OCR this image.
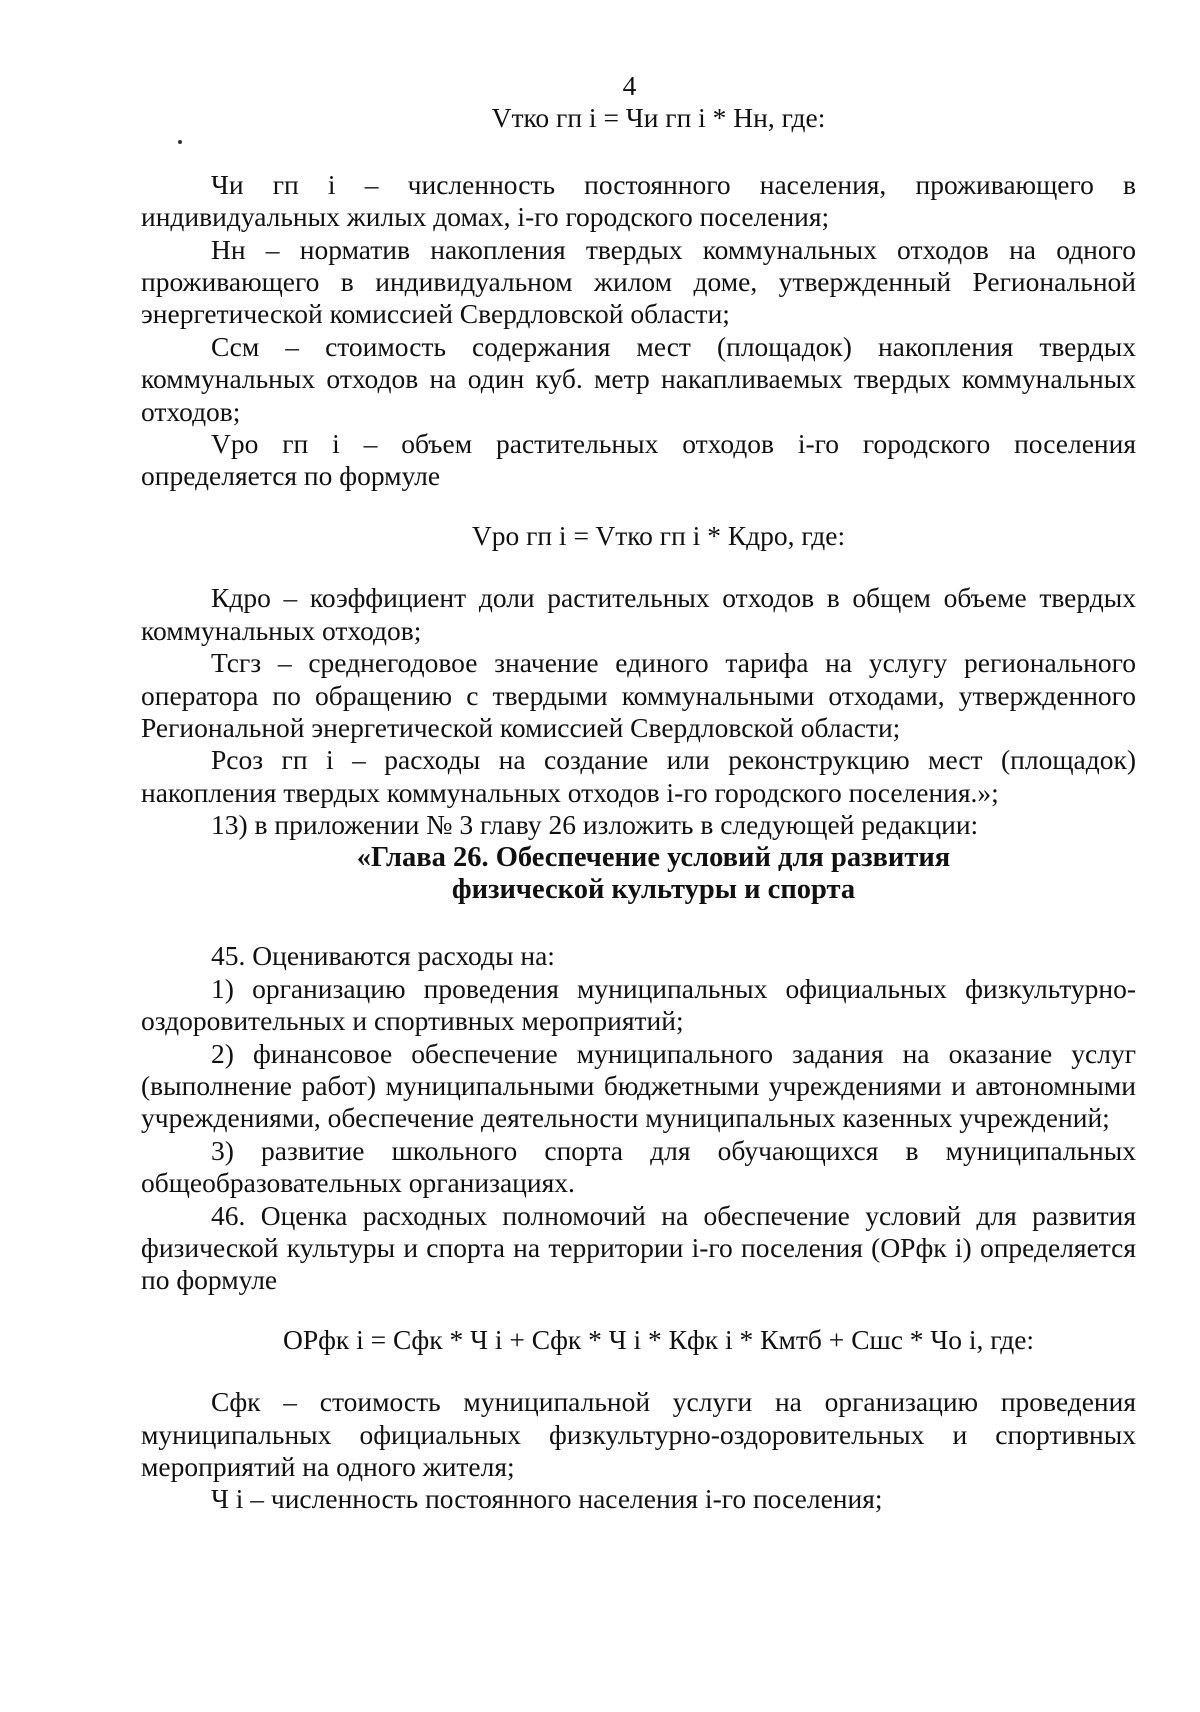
4
Vтко гп i = Чи гп i * Нн, где:

Чи гп i – численность постоянного населения, проживающего в индивидуальных жилых домах, i-го городского поселения;

Нн – норматив накопления твердых коммунальных отходов на одного проживающего в индивидуальном жилом доме, утвержденный Региональной энергетической комиссией Свердловской области;

Ссм – стоимость содержания мест (площадок) накопления твердых коммунальных отходов на один куб. метр накапливаемых твердых коммунальных отходов;

Vро гп i – объем растительных отходов i-го городского поселения определяется по формуле

Vро гп i = Vтко гп i * Кдро, где:

Кдро – коэффициент доли растительных отходов в общем объеме твердых коммунальных отходов;

Тсгз – среднегодовое значение единого тарифа на услугу регионального оператора по обращению с твердыми коммунальными отходами, утвержденного Региональной энергетической комиссией Свердловской области;

Рсоз гп i – расходы на создание или реконструкцию мест (площадок) накопления твердых коммунальных отходов i-го городского поселения.»;

13) в приложении № 3 главу 26 изложить в следующей редакции:

«Глава 26. Обеспечение условий для развития
физической культуры и спорта

45. Оцениваются расходы на:

1) организацию проведения муниципальных официальных физкультурно-оздоровительных и спортивных мероприятий;

2) финансовое обеспечение муниципального задания на оказание услуг (выполнение работ) муниципальными бюджетными учреждениями и автономными учреждениями, обеспечение деятельности муниципальных казенных учреждений;

3) развитие школьного спорта для обучающихся в муниципальных общеобразовательных организациях.

46. Оценка расходных полномочий на обеспечение условий для развития физической культуры и спорта на территории i-го поселения (ОРфк i) определяется по формуле

ОРфк i = Сфк * Ч i + Сфк * Ч i * Кфк i * Кмтб + Сшс * Чо i, где:

Сфк – стоимость муниципальной услуги на организацию проведения муниципальных официальных физкультурно-оздоровительных и спортивных мероприятий на одного жителя;

Ч i – численность постоянного населения i-го поселения;
